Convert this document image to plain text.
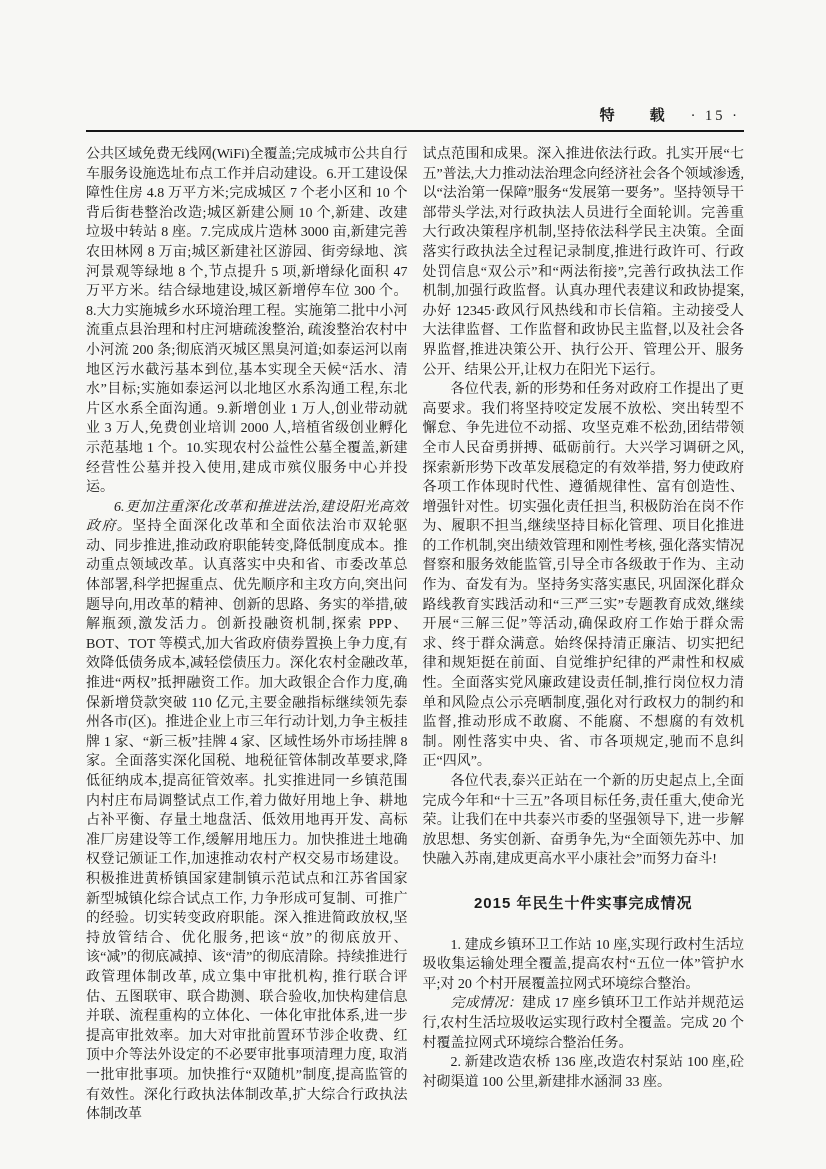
特　载 · 15 ·

公共区域免费无线网(WiFi)全覆盖;完成城市公共自行车服务设施选址布点工作并启动建设。6.开工建设保障性住房 4.8 万平方米;完成城区 7 个老小区和 10 个背后街巷整治改造;城区新建公厕 10 个,新建、改建垃圾中转站 8 座。7.完成成片造林 3000 亩,新建完善农田林网 8 万亩;城区新建社区游园、街旁绿地、滨河景观等绿地 8 个,节点提升 5 项,新增绿化面积 47 万平方米。结合绿地建设,城区新增停车位 300 个。8.大力实施城乡水环境治理工程。实施第二批中小河流重点县治理和村庄河塘疏浚整治, 疏浚整治农村中小河流 200 条;彻底消灭城区黑臭河道;如泰运河以南地区污水截污基本到位,基本实现全天候“活水、清水”目标;实施如泰运河以北地区水系沟通工程,东北片区水系全面沟通。9.新增创业 1 万人,创业带动就业 3 万人,免费创业培训 2000 人,培植省级创业孵化示范基地 1 个。10.实现农村公益性公墓全覆盖,新建经营性公墓并投入使用,建成市殡仪服务中心并投运。

6.更加注重深化改革和推进法治,建设阳光高效政府。坚持全面深化改革和全面依法治市双轮驱动、同步推进,推动政府职能转变,降低制度成本。推动重点领域改革。认真落实中央和省、市委改革总体部署,科学把握重点、优先顺序和主攻方向,突出问题导向,用改革的精神、创新的思路、务实的举措,破解瓶颈,激发活力。创新投融资机制,探索 PPP、BOT、TOT 等模式,加大省政府债券置换上争力度,有效降低债务成本,减轻偿债压力。深化农村金融改革,推进“两权”抵押融资工作。加大政银企合作力度,确保新增贷款突破 110 亿元,主要金融指标继续领先泰州各市(区)。推进企业上市三年行动计划,力争主板挂牌 1 家、“新三板”挂牌 4 家、区域性场外市场挂牌 8 家。全面落实深化国税、地税征管体制改革要求,降低征纳成本,提高征管效率。扎实推进同一乡镇范围内村庄布局调整试点工作,着力做好用地上争、耕地占补平衡、存量土地盘活、低效用地再开发、高标准厂房建设等工作,缓解用地压力。加快推进土地确权登记颁证工作,加速推动农村产权交易市场建设。积极推进黄桥镇国家建制镇示范试点和江苏省国家新型城镇化综合试点工作, 力争形成可复制、可推广的经验。切实转变政府职能。深入推进简政放权,坚持放管结合、优化服务,把该“放”的彻底放开、该“减”的彻底减掉、该“清”的彻底清除。持续推进行政管理体制改革, 成立集中审批机构, 推行联合评估、五图联审、联合勘测、联合验收,加快构建信息并联、流程重构的立体化、一体化审批体系,进一步提高审批效率。加大对审批前置环节涉企收费、红顶中介等法外设定的不必要审批事项清理力度, 取消一批审批事项。加快推行“双随机”制度,提高监管的有效性。深化行政执法体制改革,扩大综合行政执法体制改革

试点范围和成果。深入推进依法行政。扎实开展“七五”普法,大力推动法治理念向经济社会各个领域渗透,以“法治第一保障”服务“发展第一要务”。坚持领导干部带头学法,对行政执法人员进行全面轮训。完善重大行政决策程序机制,坚持依法科学民主决策。全面落实行政执法全过程记录制度,推进行政许可、行政处罚信息“双公示”和“两法衔接”,完善行政执法工作机制,加强行政监督。认真办理代表建议和政协提案, 办好 12345·政风行风热线和市长信箱。主动接受人大法律监督、工作监督和政协民主监督,以及社会各界监督,推进决策公开、执行公开、管理公开、服务公开、结果公开,让权力在阳光下运行。

各位代表, 新的形势和任务对政府工作提出了更高要求。我们将坚持咬定发展不放松、突出转型不懈怠、争先进位不动摇、攻坚克难不松劲,团结带领全市人民奋勇拼搏、砥砺前行。大兴学习调研之风,探索新形势下改革发展稳定的有效举措, 努力使政府各项工作体现时代性、遵循规律性、富有创造性、增强针对性。切实强化责任担当, 积极防治在岗不作为、履职不担当,继续坚持目标化管理、项目化推进的工作机制,突出绩效管理和刚性考核, 强化落实情况督察和服务效能监管,引导全市各级敢于作为、主动作为、奋发有为。坚持务实落实惠民, 巩固深化群众路线教育实践活动和“三严三实”专题教育成效,继续开展“三解三促”等活动,确保政府工作始于群众需求、终于群众满意。始终保持清正廉洁、切实把纪律和规矩挺在前面、自觉维护纪律的严肃性和权威性。全面落实党风廉政建设责任制,推行岗位权力清单和风险点公示亮晒制度,强化对行政权力的制约和监督,推动形成不敢腐、不能腐、不想腐的有效机制。刚性落实中央、省、市各项规定,驰而不息纠正“四风”。

各位代表,泰兴正站在一个新的历史起点上,全面完成今年和“十三五”各项目标任务,责任重大,使命光荣。让我们在中共泰兴市委的坚强领导下, 进一步解放思想、务实创新、奋勇争先,为“全面领先苏中、加快融入苏南,建成更高水平小康社会”而努力奋斗!

2015 年民生十件实事完成情况

1. 建成乡镇环卫工作站 10 座,实现行政村生活垃圾收集运输处理全覆盖,提高农村“五位一体”管护水平;对 20 个村开展覆盖拉网式环境综合整治。

完成情况：建成 17 座乡镇环卫工作站并规范运行,农村生活垃圾收运实现行政村全覆盖。完成 20 个村覆盖拉网式环境综合整治任务。

2. 新建改造农桥 136 座,改造农村泵站 100 座,砼衬砌渠道 100 公里,新建排水涵洞 33 座。
